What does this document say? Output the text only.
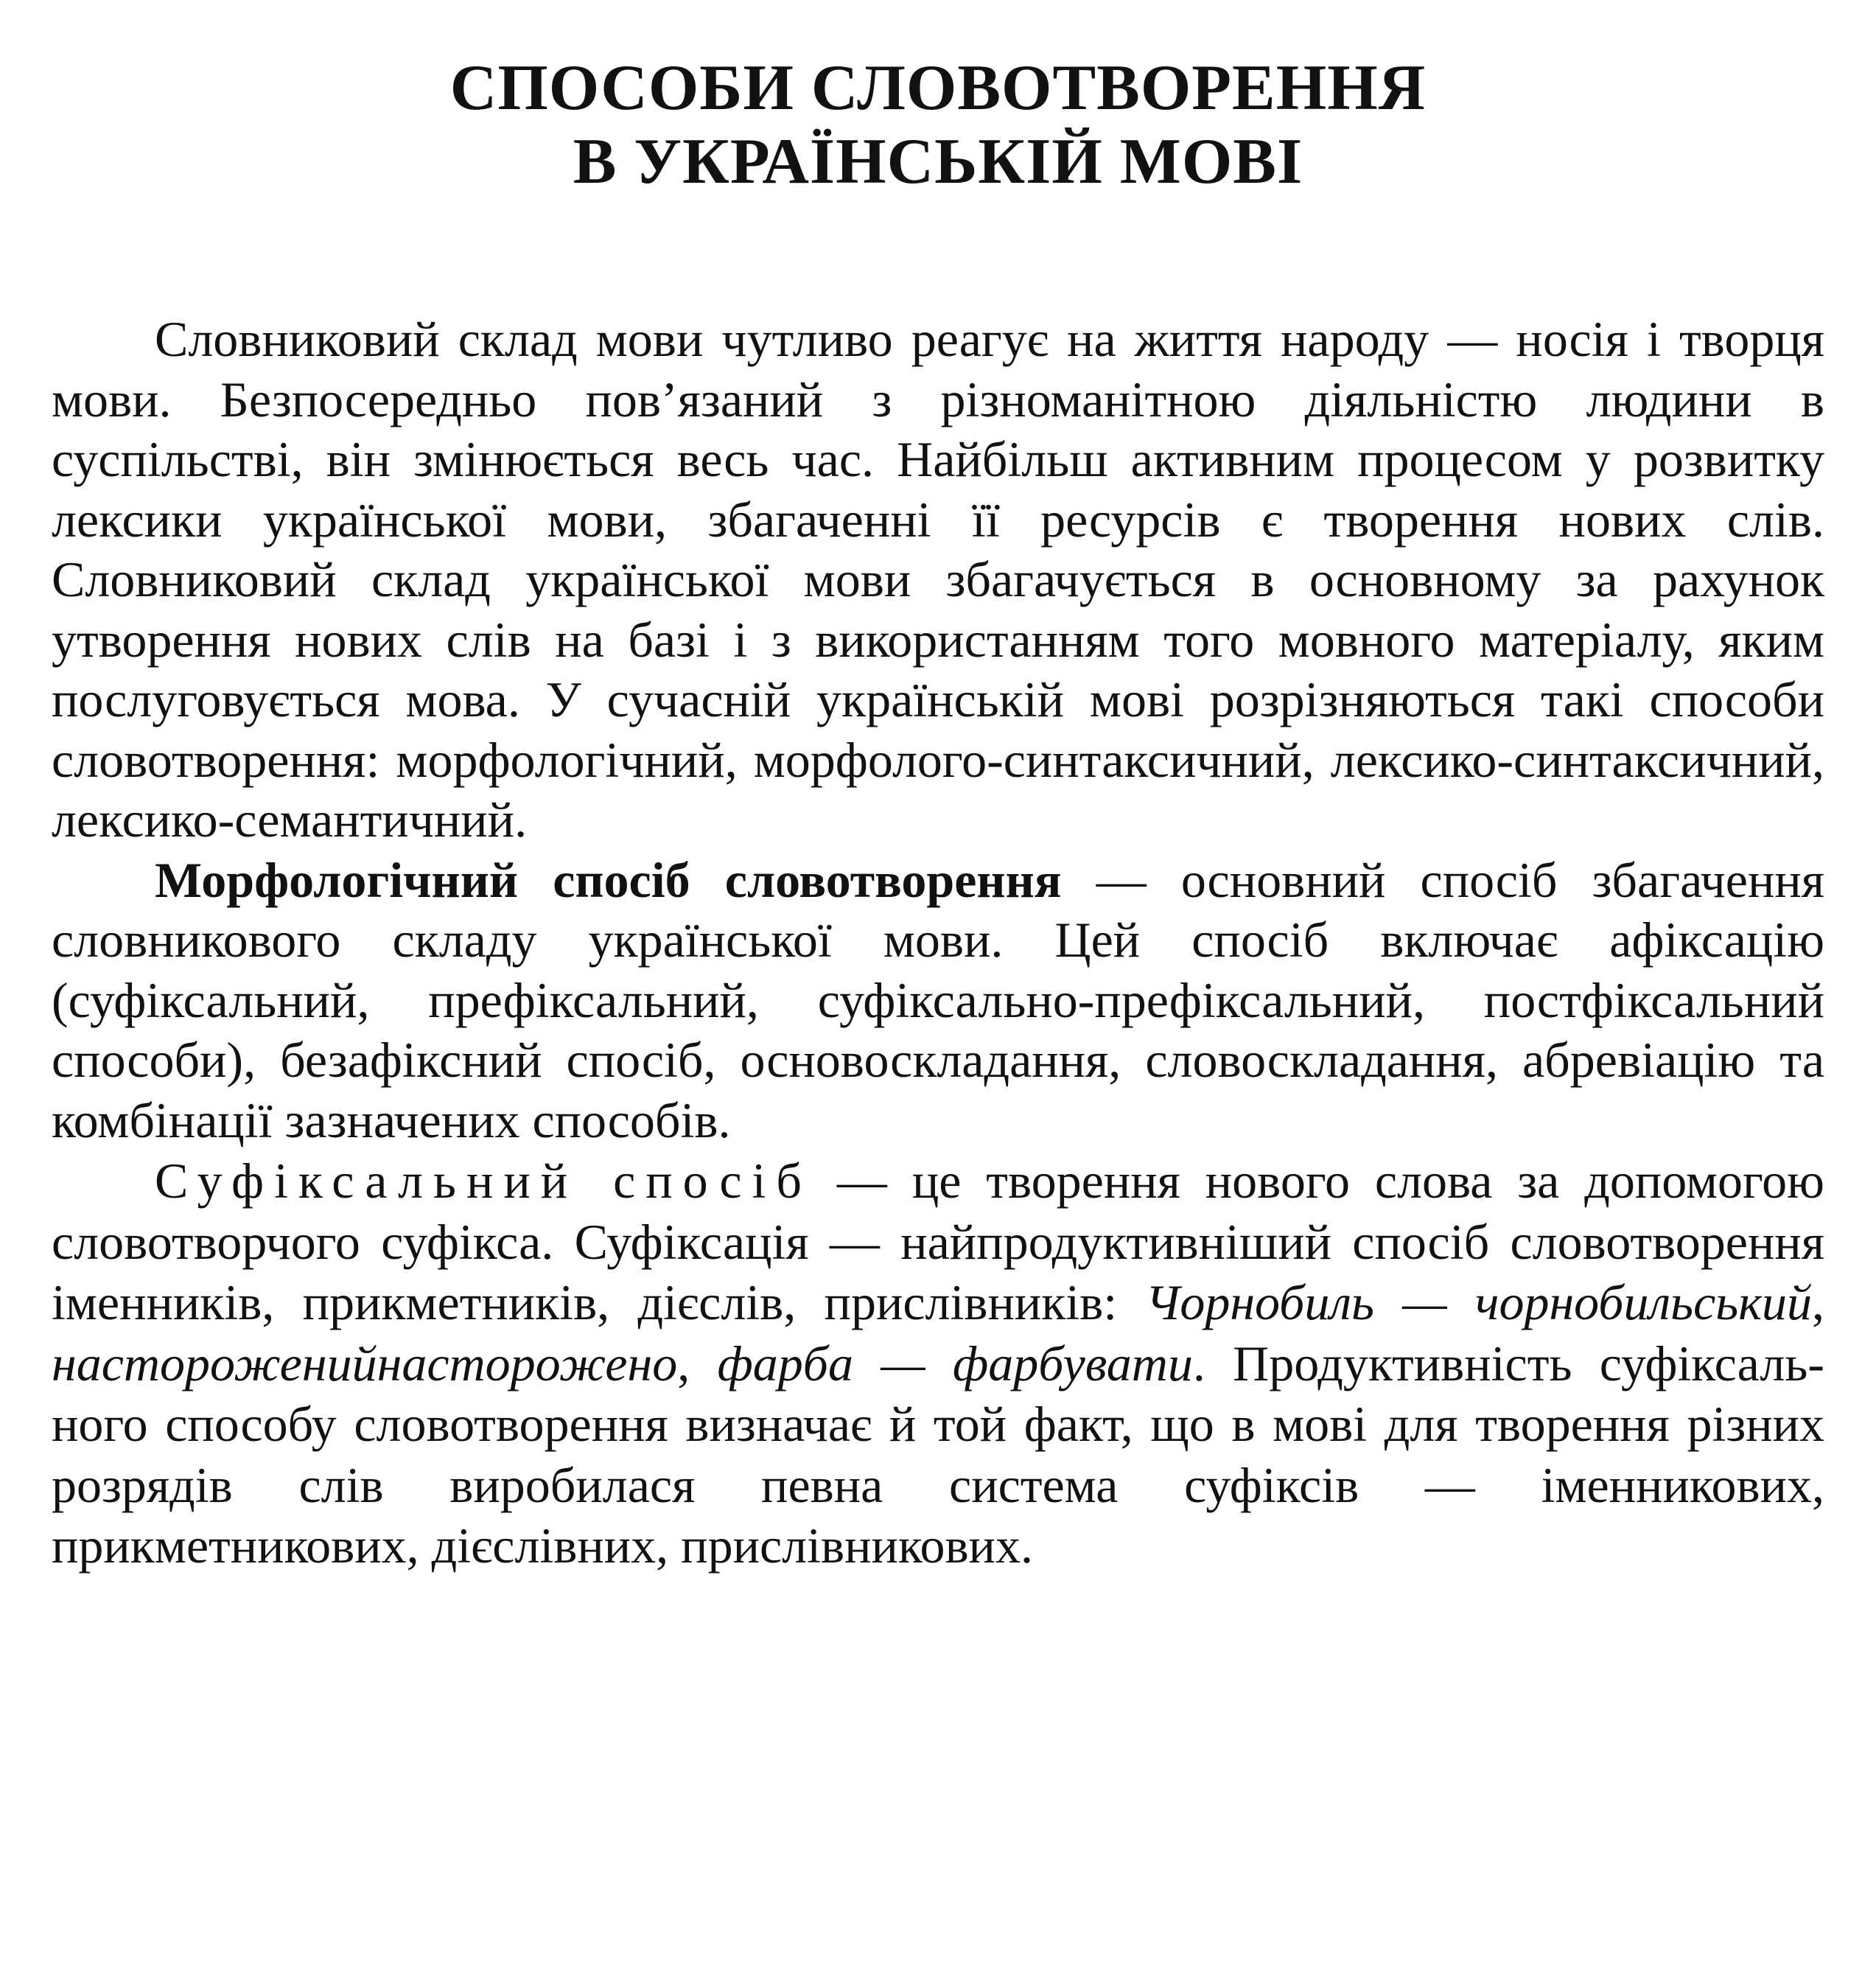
СПОСОБИ СЛОВОТВОРЕННЯ
В УКРАЇНСЬКІЙ МОВІ

Словниковий склад мови чутливо реагує на життя народу — носія і творця мови. Безпосередньо пов’язаний з різноманітною діяльністю людини в суспільстві, він змінюється весь час. Найбільш активним процесом у розвитку лексики української мови, збагаченні її ресурсів є творення нових слів. Словниковий склад української мови збагачується в основному за рахунок утворення нових слів на базі і з використанням того мовного матеріалу, яким послуговується мова. У сучасній українській мові розрізняються такі способи словотворення: морфологічний, морфолого-синтаксичний, лексико-синтаксичний, лексико-семантичний.

Морфологічний спосіб словотворення — основний спосіб збагачення словникового складу української мови. Цей спосіб включає афіксацію (суфіксальний, префіксальний, суфіксально-префіксальний, постфіксальний способи), безафіксний спосіб, основоскладання, словоскладання, абревіацію та комбінації зазначених способів.

Суфіксальний спосіб — це творення нового слова за допомогою словотворчого суфікса. Суфіксація — найпродуктивніший спосіб словотворення іменників, прикметників, дієслів, прислівників: Чорнобиль — чорнобильський, настороженийнасторожено, фарба — фарбувати. Продуктивність суфіксального способу словотворення визначає й той факт, що в мові для творення різних розрядів слів виробилася певна система суфіксів — іменникових, прикметникових, дієслівних, прислівникових.
